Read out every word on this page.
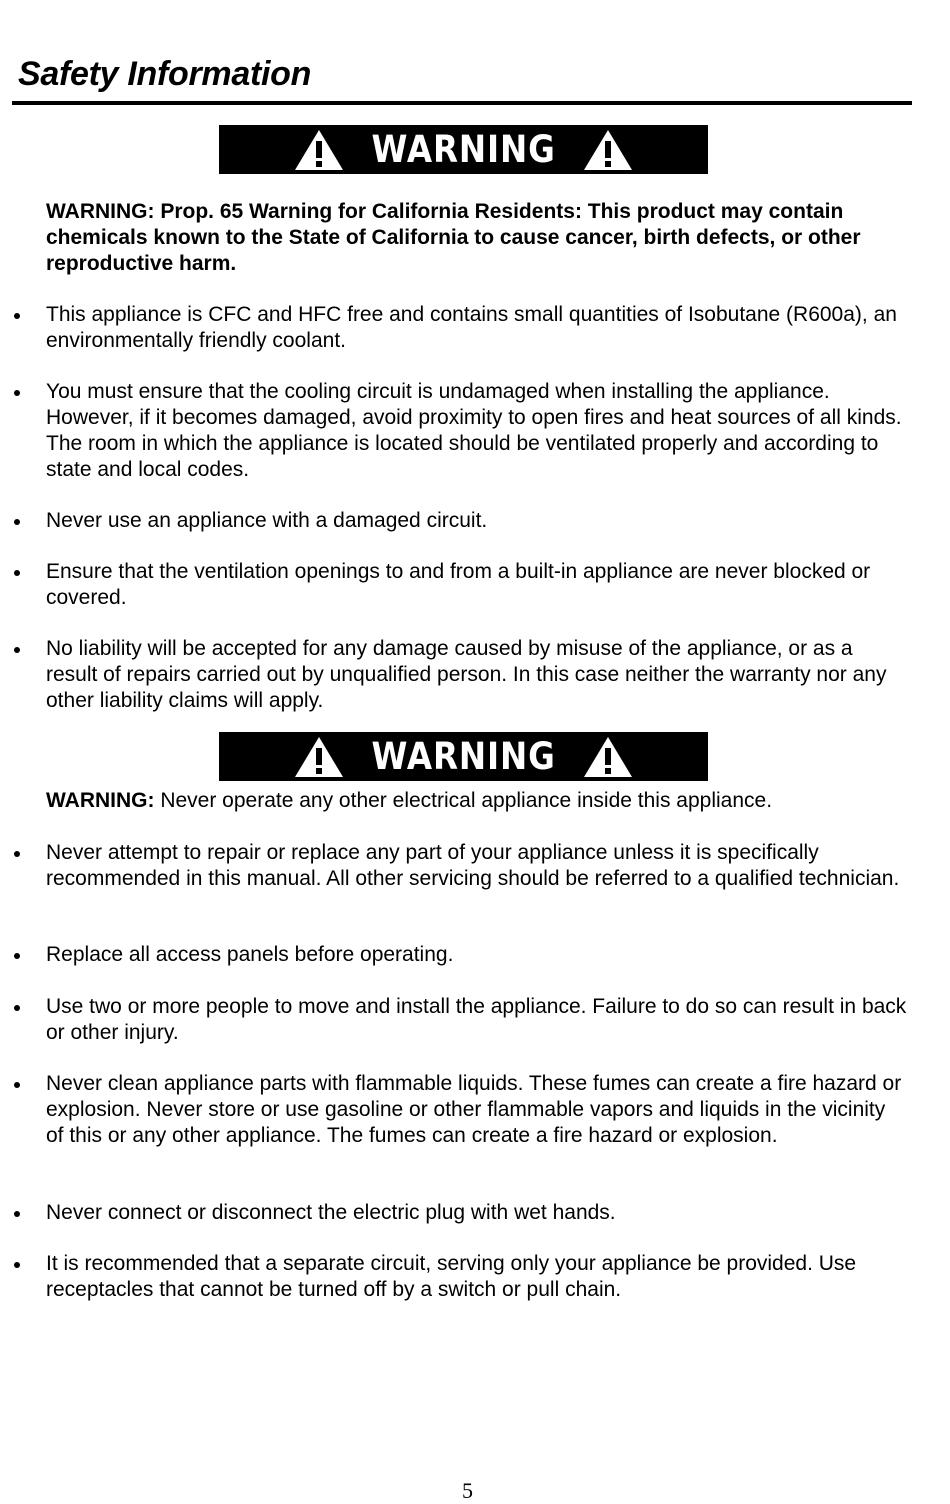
Safety Information
WARNING

WARNING: Prop. 65 Warning for California Residents: This product may contain chemicals known to the State of California to cause cancer, birth defects, or other reproductive harm.

This appliance is CFC and HFC free and contains small quantities of Isobutane (R600a), an environmentally friendly coolant.

You must ensure that the cooling circuit is undamaged when installing the appliance. However, if it becomes damaged, avoid proximity to open fires and heat sources of all kinds. The room in which the appliance is located should be ventilated properly and according to state and local codes.

Never use an appliance with a damaged circuit.

Ensure that the ventilation openings to and from a built-in appliance are never blocked or covered.

No liability will be accepted for any damage caused by misuse of the appliance, or as a result of repairs carried out by unqualified person. In this case neither the warranty nor any other liability claims will apply.

WARNING

WARNING: Never operate any other electrical appliance inside this appliance.

Never attempt to repair or replace any part of your appliance unless it is specifically recommended in this manual. All other servicing should be referred to a qualified technician.

Replace all access panels before operating.

Use two or more people to move and install the appliance. Failure to do so can result in back or other injury.

Never clean appliance parts with flammable liquids. These fumes can create a fire hazard or explosion. Never store or use gasoline or other flammable vapors and liquids in the vicinity of this or any other appliance. The fumes can create a fire hazard or explosion.

Never connect or disconnect the electric plug with wet hands.

It is recommended that a separate circuit, serving only your appliance be provided. Use receptacles that cannot be turned off by a switch or pull chain.

5
